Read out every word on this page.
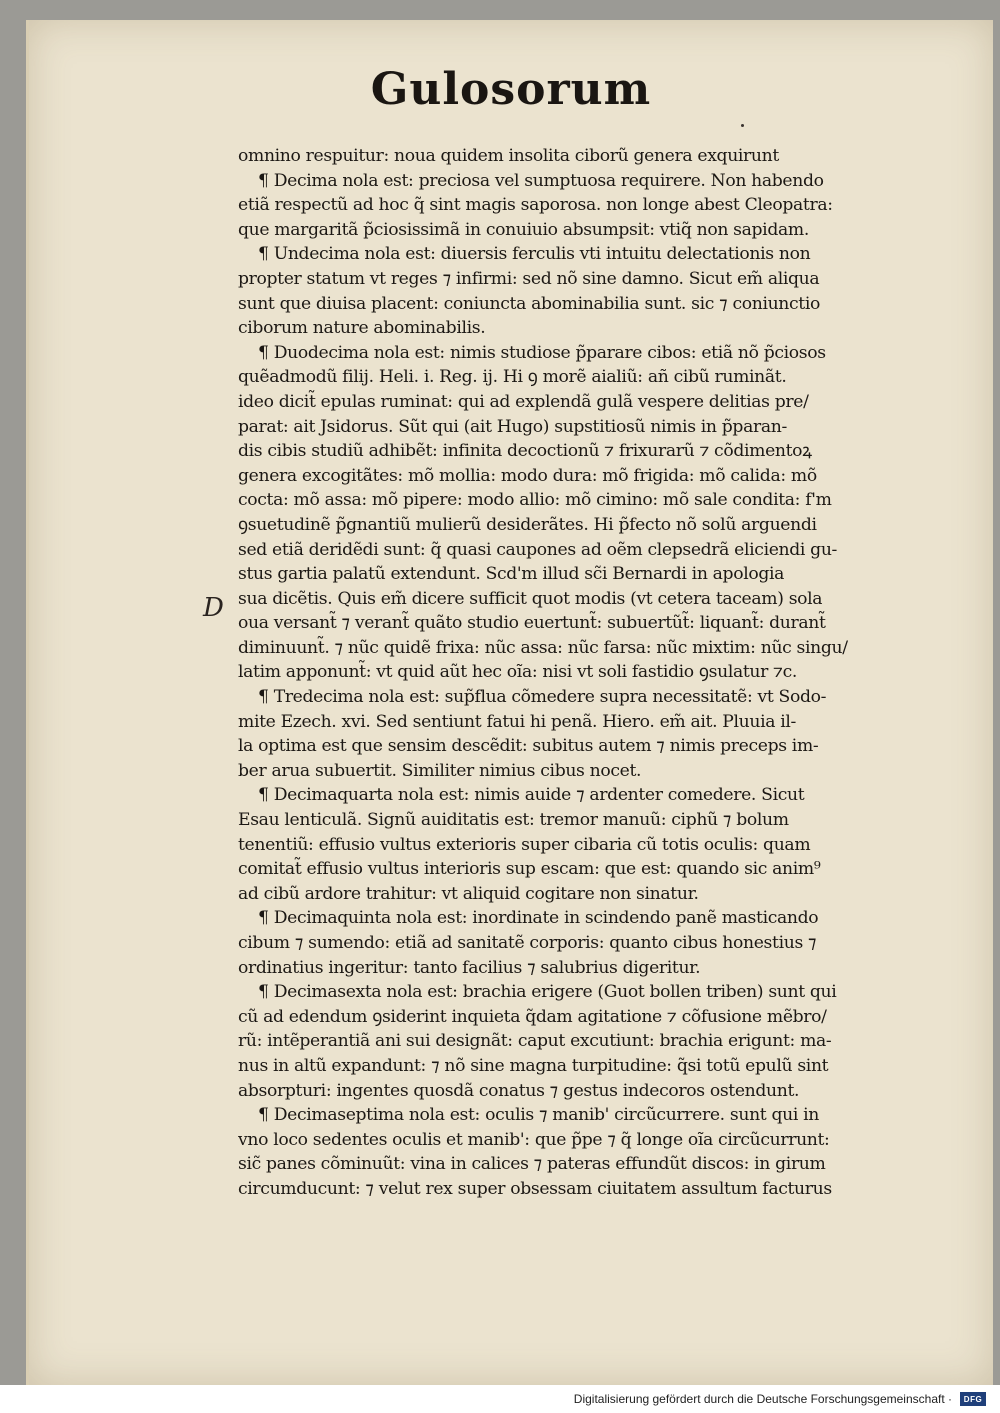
Gulosorum
D
omnino respuitur: noua quidem insolita ciborũ genera exquirunt
¶ Decima nola est: preciosa vel sumptuosa requirere. Non habendo
etiã respectũ ad hoc q̃ sint magis saporosa. non longe abest Cleopatra:
que margaritã p̃ciosissimã in conuiuio absumpsit: vtiq̃ non sapidam.
¶ Undecima nola est: diuersis ferculis vti intuitu delectationis non
propter statum vt reges ⁊ infirmi: sed nõ sine damno. Sicut em̃ aliqua
sunt que diuisa placent: coniuncta abominabilia sunt. sic ⁊ coniunctio
ciborum nature abominabilis.
¶ Duodecima nola est: nimis studiose p̃parare cibos: etiã nõ p̃ciosos
quẽadmodũ filij. Heli. i. Reg. ij. Hi ꝯ morẽ aialiũ: añ cibũ ruminãt.
ideo dicit̃ epulas ruminat: qui ad explendã gulã vespere delitias pre/
parat: ait Jsidorus. Sũt qui (ait Hugo) supstitiosũ nimis in p̃paran-
dis cibis studiũ adhibẽt: infinita decoctionũ ⁊ frixurarũ ⁊ cõdimentoꝝ
genera excogitãtes: mõ mollia: modo dura: mõ frigida: mõ calida: mõ
cocta: mõ assa: mõ pipere: modo allio: mõ cimino: mõ sale condita: f'm
ꝯsuetudinẽ p̃gnantiũ mulierũ desiderãtes. Hi p̃fecto nõ solũ arguendi
sed etiã deridẽdi sunt: q̃ quasi caupones ad oẽm clepsedrã eliciendi gu-
stus gartia palatũ extendunt. Scd'm illud sc̃i Bernardi in apologia
sua dicẽtis. Quis em̃ dicere sufficit quot modis (vt cetera taceam) sola
oua versant̃ ⁊ verant̃ quãto studio euertunt̃: subuertũt̃: liquant̃: durant̃
diminuunt̃. ⁊ nũc quidẽ frixa: nũc assa: nũc farsa: nũc mixtim: nũc singu/
latim apponunt̃: vt quid aũt hec oĩa: nisi vt soli fastidio ꝯsulatur ⁊c.
¶ Tredecima nola est: sup̃flua cõmedere supra necessitatẽ: vt Sodo-
mite Ezech. xvi. Sed sentiunt fatui hi penã. Hiero. em̃ ait. Pluuia il-
la optima est que sensim descẽdit: subitus autem ⁊ nimis preceps im-
ber arua subuertit. Similiter nimius cibus nocet.
¶ Decimaquarta nola est: nimis auide ⁊ ardenter comedere. Sicut
Esau lenticulã. Signũ auiditatis est: tremor manuũ: ciphũ ⁊ bolum
tenentiũ: effusio vultus exterioris super cibaria cũ totis oculis: quam
comitat̃ effusio vultus interioris sup escam: que est: quando sic anim⁹
ad cibũ ardore trahitur: vt aliquid cogitare non sinatur.
¶ Decimaquinta nola est: inordinate in scindendo panẽ masticando
cibum ⁊ sumendo: etiã ad sanitatẽ corporis: quanto cibus honestius ⁊
ordinatius ingeritur: tanto facilius ⁊ salubrius digeritur.
¶ Decimasexta nola est: brachia erigere (Guot bollen triben) sunt qui
cũ ad edendum ꝯsiderint inquieta q̃dam agitatione ⁊ cõfusione mẽbro/
rũ: intẽperantiã ani sui designãt: caput excutiunt: brachia erigunt: ma-
nus in altũ expandunt: ⁊ nõ sine magna turpitudine: q̃si totũ epulũ sint
absorpturi: ingentes quosdã conatus ⁊ gestus indecoros ostendunt.
¶ Decimaseptima nola est: oculis ⁊ manib' circũcurrere. sunt qui in
vno loco sedentes oculis et manib': que p̃pe ⁊ q̃ longe oĩa circũcurrunt:
sic̃ panes cõminuũt: vina in calices ⁊ pateras effundũt discos: in girum
circumducunt: ⁊ velut rex super obsessam ciuitatem assultum facturus
Digitalisierung gefördert durch die Deutsche Forschungsgemeinschaft ·	DFG
